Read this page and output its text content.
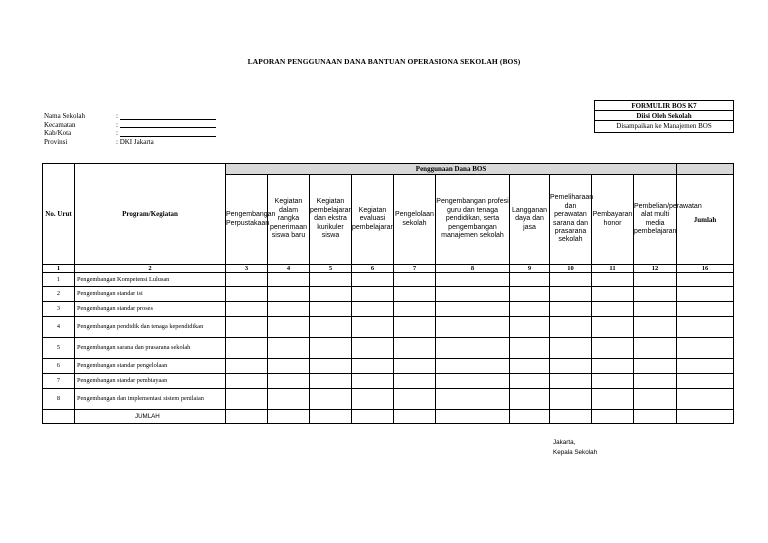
LAPORAN PENGGUNAAN DANA BANTUAN OPERASIONA SEKOLAH (BOS)
Nama Sekolah	:
Kecamatan	:
Kab/Kota	:
Provinsi	: DKI Jakarta
FORMULIR BOS K7
Diisi Oleh Sekolah
Disampaikan ke Manajemen BOS
No. Urut	Program/Kegiatan	Penggunaan Dana BOS										
		Pengembangan Perpustakaan	Kegiatan dalam rangka penerimaan siswa baru	Kegiatan pembelajaran dan ekstra kurikuler siswa	Kegiatan evaluasi pembelajaran	Pengelolaan sekolah	Pengembangan profesi guru dan tenaga pendidikan, serta pengembangan manajemen sekolah	Langganan daya dan jasa	Pemeliharaan dan perawatan sarana dan prasarana sekolah	Pembayaran honor	Pembelian/perawatan alat multi media pembelajaran	Jumlah
1	2	3	4	5	6	7	8	9	10	11	12	16
1	Pengembangan Kompetensi Lulusan											
2	Pengembangan standar isi											
3	Pengembangan standar proses											
4	Pengembangan pendidik dan tenaga kependidikan											
5	Pengembangan sarana dan prasarana sekolah											
6	Pengembangan standar pengelolaan											
7	Pengembangan standar pembiayaan											
8	Pengembangan dan implementasi sistem penilaian											
	JUMLAH											
Jakarta,
Kepala Sekolah
